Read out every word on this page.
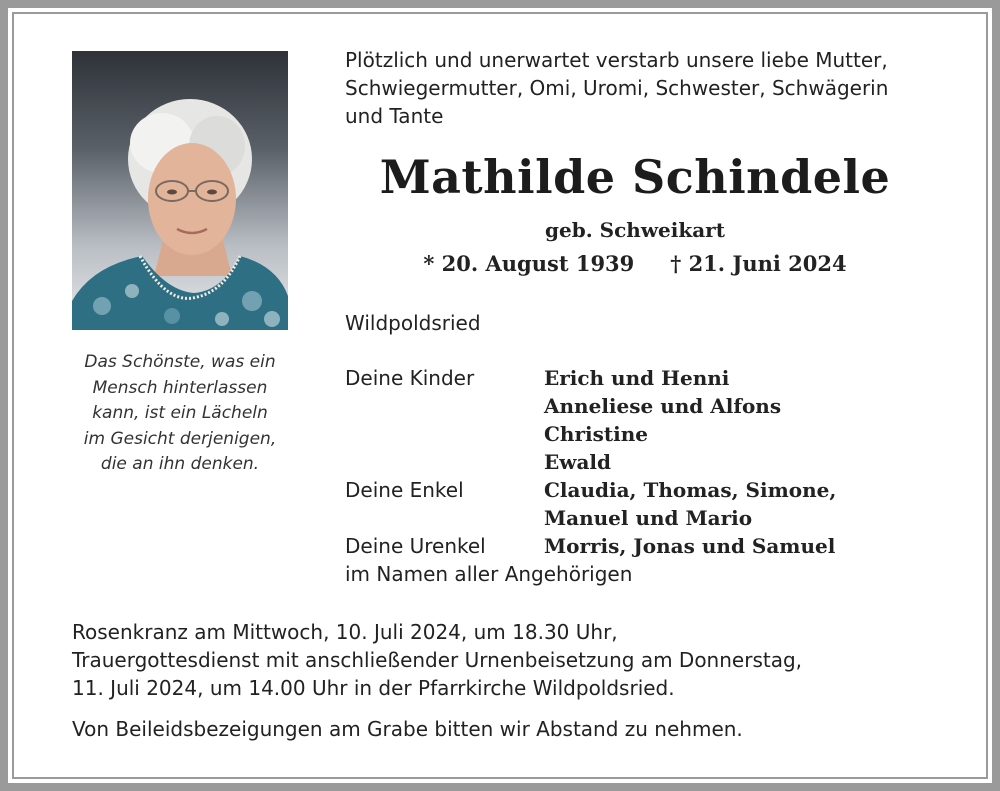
Das Schönste, was ein
Mensch hinterlassen
kann, ist ein Lächeln
im Gesicht derjenigen,
die an ihn denken.
Plötzlich und unerwartet verstarb unsere liebe Mutter,
Schwiegermutter, Omi, Uromi, Schwester, Schwägerin
und Tante
Mathilde Schindele
geb. Schweikart
* 20. August 1939 † 21. Juni 2024
Wildpoldsried
Deine Kinder	Erich und Henni
Anneliese und Alfons
Christine
Ewald
Deine Enkel	Claudia, Thomas, Simone,
Manuel und Mario
Deine Urenkel	Morris, Jonas und Samuel
im Namen aller Angehörigen
Rosenkranz am Mittwoch, 10. Juli 2024, um 18.30 Uhr,
Trauergottesdienst mit anschließender Urnenbeisetzung am Donnerstag,
11. Juli 2024, um 14.00 Uhr in der Pfarrkirche Wildpoldsried.
Von Beileidsbezeigungen am Grabe bitten wir Abstand zu nehmen.
